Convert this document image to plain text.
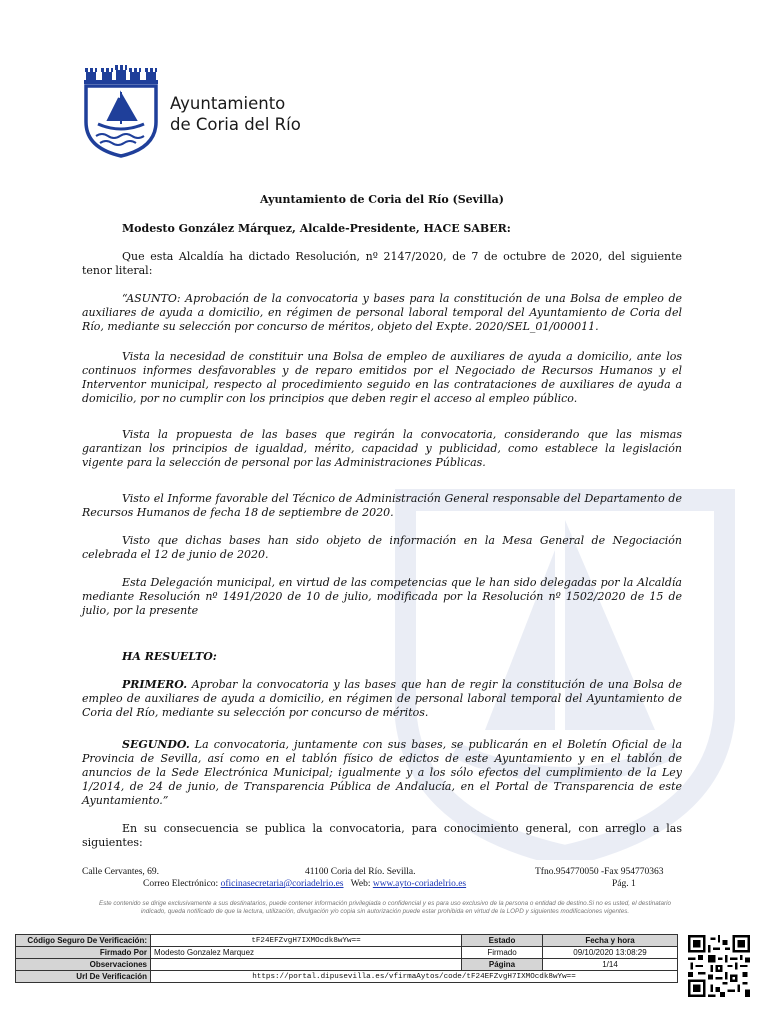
Ayuntamiento
de Coria del Río
Ayuntamiento de Coria del Río (Sevilla)
Modesto González Márquez, Alcalde-Presidente, HACE SABER:
Que esta Alcaldía ha dictado Resolución, nº 2147/2020, de 7 de octubre de 2020, del siguiente tenor literal:
“ASUNTO: Aprobación de la convocatoria y bases para la constitución de una Bolsa de empleo de auxiliares de ayuda a domicilio, en régimen de personal laboral temporal del Ayuntamiento de Coria del Río, mediante su selección por concurso de méritos, objeto del Expte. 2020/SEL_01/000011.
Vista la necesidad de constituir una Bolsa de empleo de auxiliares de ayuda a domicilio, ante los continuos informes desfavorables y de reparo emitidos por el Negociado de Recursos Humanos y el Interventor municipal, respecto al procedimiento seguido en las contrataciones de auxiliares de ayuda a domicilio, por no cumplir con los principios que deben regir el acceso al empleo público.
Vista la propuesta de las bases que regirán la convocatoria, considerando que las mismas garantizan los principios de igualdad, mérito, capacidad y publicidad, como establece la legislación vigente para la selección de personal por las Administraciones Públicas.
Visto el Informe favorable del Técnico de Administración General responsable del Departamento de Recursos Humanos de fecha 18 de septiembre de 2020.
Visto que dichas bases han sido objeto de información en la Mesa General de Negociación celebrada el 12 de junio de 2020.
Esta Delegación municipal, en virtud de las competencias que le han sido delegadas por la Alcaldía mediante Resolución nº 1491/2020 de 10 de julio, modificada por la Resolución nº 1502/2020 de 15 de julio, por la presente
HA RESUELTO:
PRIMERO. Aprobar la convocatoria y las bases que han de regir la constitución de una Bolsa de empleo de auxiliares de ayuda a domicilio, en régimen de personal laboral temporal del Ayuntamiento de Coria del Río, mediante su selección por concurso de méritos.
SEGUNDO. La convocatoria, juntamente con sus bases, se publicarán en el Boletín Oficial de la Provincia de Sevilla, así como en el tablón físico de edictos de este Ayuntamiento y en el tablón de anuncios de la Sede Electrónica Municipal; igualmente y a los sólo efectos del cumplimiento de la Ley 1/2014, de 24 de junio, de Transparencia Pública de Andalucía, en el Portal de Transparencia de este Ayuntamiento.”
En su consecuencia se publica la convocatoria, para conocimiento general, con arreglo a las siguientes:
Calle Cervantes, 69.	41100 Coria del Río. Sevilla.	Tfno.954770050 -Fax 954770363
Correo Electrónico: oficinasecretaria@coriadelrio.es Web: www.ayto-coriadelrio.es	Pág. 1
Este contenido se dirige exclusivamente a sus destinatarios, puede contener información privilegiada o confidencial y es para uso exclusivo de la persona o entidad de destino.Si no es usted, el destinatario indicado, queda notificado de que la lectura, utilización, divulgación y/o copia sin autorización puede estar prohibida en virtud de la LOPD y siguientes modificaciones vigentes.
Código Seguro De Verificación:	tF24EFZvgH7IXMOcdk8wYw==	Estado	Fecha y hora
Firmado Por	Modesto Gonzalez Marquez	Firmado	09/10/2020 13:08:29
Observaciones		Página	1/14
Url De Verificación	https://portal.dipusevilla.es/vfirmaAytos/code/tF24EFZvgH7IXMOcdk8wYw==		
